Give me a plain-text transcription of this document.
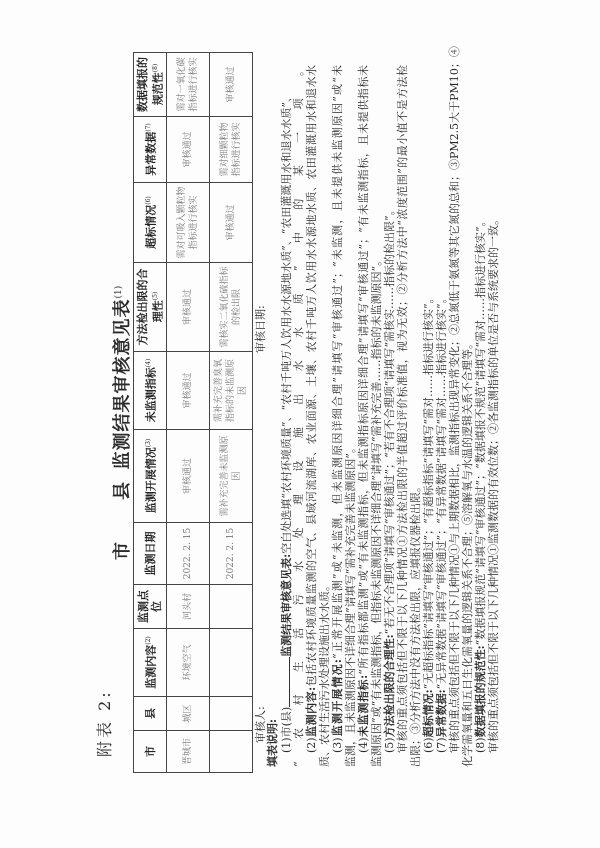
附表 2:
市县  监测结果审核意见表$^{(1)}$
市	县	监测内容$^{(2)}$	监测点位	监测日期	监测开展情况$^{(3)}$	未监测指标$^{(4)}$	方法检出限的合理性$^{(5)}$	超标情况$^{(6)}$	异常数据$^{(7)}$	数据填报的规范性$^{(8)}$
晋城市	城区	环境空气	河头村	2022. 2. 15	审核通过	审核通过	审核通过	需对可吸入颗粒物指标进行核实	审核通过	需对一氧化碳指标进行核实
				2022. 2. 15	需补充完善未监测原因	需补充完善臭氧指标的未监测原因	需核实二氧化硫指标的检出限	审核通过	需对细颗粒物指标进行核实	审核通过
审核人:
审核日期:
填表说明: (1)市(县)监测结果审核意见表:空白处选填“农村环境质量”、“农村千吨万人饮用水水源地水质”、“农田灌溉用水和退水水质”、 “农村生活污水处理设施出水水质”中的某一项。 (2)监测内容:包括农村环境质量监测的空气、县域河流湖库、农业面源、土壤、农村千吨万人饮用水水源地水质、农田灌溉用水和退水水 质、农村生活污水处理设施出水水质。 (3)监测开展情况:“正常开展监测”或“未监测，但未监测原因详细合理”请填写“审核通过”；“未监测，且未提供未监测原因”或“未 监测，且未监测原因不详细合理”请填写“需补充完善未监测原因”。 (4)未监测指标:“所有指标都监测”或“有未监测指标，但未监测指标原因详细合理”请填写“审核通过”；“有未监测指标，且未提供指标未 监测原因”或“有未监测指标，但指标未监测原因不详细合理”请填写“需补充完善……指标的未监测原因”。 (5)方法检出限的合理性:“若无不合理项”请填写“审核通过”；“若有不合理项”请填写“需核实……指标的检出限”。 审核的重点须包括但不限于以下几种情况①方法检出限的半值超过评价标准值，视为无效；②分析方法中“浓度范围”的最小值不是方法检 出限；③分析方法中没有方法检出限，应填报仪器检出限。 (6)超标情况:“无超标指标”请填写“审核通过”；“有超标指标”请填写“需对……指标进行核实”。
(7)异常数据:“无异常数据”请填写“审核通过”；“有异常数据”请填写“需对……指标进行核实”。 审核的重点须包括但不限于以下几种情况①与上期数据相比，监测指标出现异常变化；②总氮低于氨氮等其它氮的总和；③PM2.5大于PM10；④ 化学需氧量和五日生化需氧量的逻辑关系不合理；⑤溶解氧与水温的逻辑关系不合理等。 (8)数据填报的规范性:“数据填报规范”请填写“审核通过”；“数据填报不规范”请填写“需对……指标进行核实”。 审核的重点须包括但不限于以下几种情况①监测数据的有效位数；②各监测指标的单位是否与系统要求的一致。
